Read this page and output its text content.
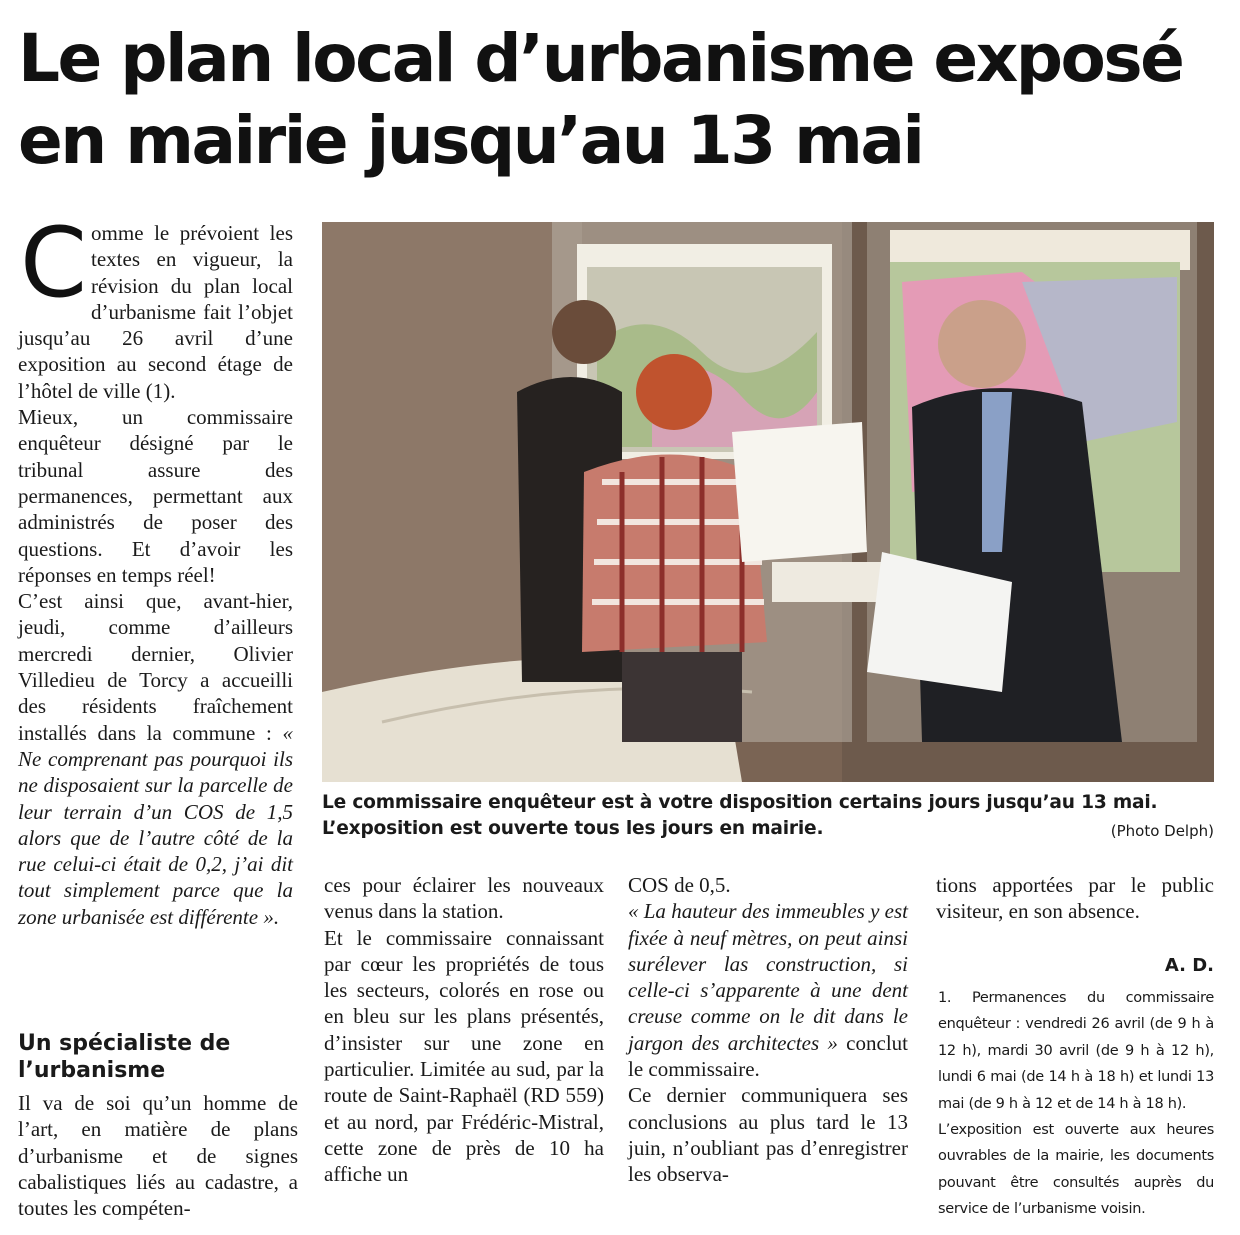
Le plan local d’urbanisme exposé
en mairie jusqu’au 13 mai

C omme le prévoient les textes en vigueur, la révision du plan local d’urbanisme fait l’objet jusqu’au 26 avril d’une exposition au second étage de l’hôtel de ville (1).

Mieux, un commissaire enquêteur désigné par le tribunal assure des permanences, permettant aux administrés de poser des questions. Et d’avoir les réponses en temps réel!

C’est ainsi que, avant-hier, jeudi, comme d’ailleurs mercredi dernier, Olivier Villedieu de Torcy a accueilli des résidents fraîchement installés dans la commune : « Ne comprenant pas pourquoi ils ne disposaient sur la parcelle de leur terrain d’un COS de 1,5 alors que de l’autre côté de la rue celui-ci était de 0,2, j’ai dit tout simplement parce que la zone urbanisée est différente ».

Un spécialiste de l’urbanisme

Il va de soi qu’un homme de l’art, en matière de plans d’urbanisme et de signes cabalistiques liés au cadastre, a toutes les compéten-

Le commissaire enquêteur est à votre disposition certains jours jusqu’au 13 mai.
L’exposition est ouverte tous les jours en mairie.	(Photo Delph)

ces pour éclairer les nouveaux venus dans la station.

Et le commissaire connaissant par cœur les propriétés de tous les secteurs, colorés en rose ou en bleu sur les plans présentés, d’insister sur une zone en particulier. Limitée au sud, par la route de Saint-Raphaël (RD 559) et au nord, par Frédéric-Mistral, cette zone de près de 10 ha affiche un

COS de 0,5.

« La hauteur des immeubles y est fixée à neuf mètres, on peut ainsi surélever las construction, si celle-ci s’apparente à une dent creuse comme on le dit dans le jargon des architectes » conclut le commissaire.

Ce dernier communiquera ses conclusions au plus tard le 13 juin, n’oubliant pas d’enregistrer les observa-

tions apportées par le public visiteur, en son absence.

A. D.

1. Permanences du commissaire enquêteur : vendredi 26 avril (de 9 h à 12 h), mardi 30 avril (de 9 h à 12 h), lundi 6 mai (de 14 h à 18 h) et lundi 13 mai (de 9 h à 12 et de 14 h à 18 h).

L’exposition est ouverte aux heures ouvrables de la mairie, les documents pouvant être consultés auprès du service de l’urbanisme voisin.
